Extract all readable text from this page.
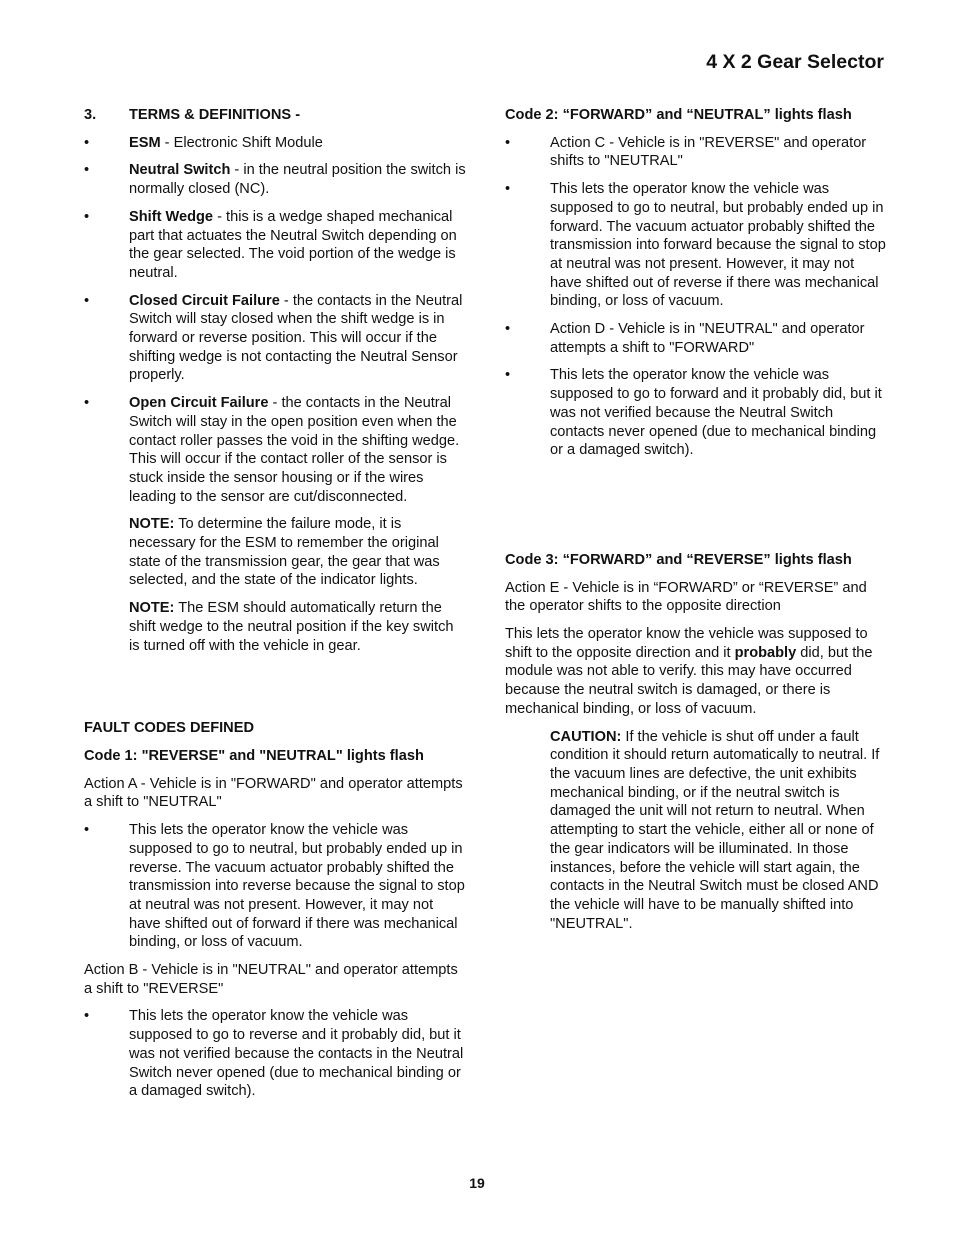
4 X 2 Gear Selector
3.	TERMS & DEFINITIONS -
•	ESM - Electronic Shift Module
•	Neutral Switch - in the neutral position the switch is normally closed (NC).
•	Shift Wedge - this is a wedge shaped mechanical part that actuates the Neutral Switch depending on the gear selected. The void portion of the wedge is neutral.
•	Closed Circuit Failure - the contacts in the Neutral Switch will stay closed when the shift wedge is in forward or reverse position. This will occur if the shifting wedge is not contacting the Neutral Sensor properly.
•	Open Circuit Failure - the contacts in the Neutral Switch will stay in the open position even when the contact roller passes the void in the shifting wedge. This will occur if the contact roller of the sensor is stuck inside the sensor housing or if the wires leading to the sensor are cut/disconnected.

NOTE: To determine the failure mode, it is necessary for the ESM to remember the original state of the transmission gear, the gear that was selected, and the state of the indicator lights.

NOTE: The ESM should automatically return the shift wedge to the neutral position if the key switch is turned off with the vehicle in gear.

FAULT CODES DEFINED

Code 1: "REVERSE" and "NEUTRAL" lights flash

Action A - Vehicle is in "FORWARD" and operator attempts a shift to "NEUTRAL"

•	This lets the operator know the vehicle was supposed to go to neutral, but probably ended up in reverse. The vacuum actuator probably shifted the transmission into reverse because the signal to stop at neutral was not present. However, it may not have shifted out of forward if there was mechanical binding, or loss of vacuum.

Action B - Vehicle is in "NEUTRAL" and operator attempts a shift to "REVERSE"

•	This lets the operator know the vehicle was supposed to go to reverse and it probably did, but it was not verified because the contacts in the Neutral Switch never opened (due to mechanical binding or a damaged switch).

Code 2: “FORWARD” and “NEUTRAL” lights flash

•	Action C - Vehicle is in "REVERSE" and operator shifts to "NEUTRAL"
•	This lets the operator know the vehicle was supposed to go to neutral, but probably ended up in forward. The vacuum actuator probably shifted the transmission into forward because the signal to stop at neutral was not present. However, it may not have shifted out of reverse if there was mechanical binding, or loss of vacuum.
•	Action D - Vehicle is in "NEUTRAL" and operator attempts a shift to "FORWARD"
•	This lets the operator know the vehicle was supposed to go to forward and it probably did, but it was not verified because the Neutral Switch contacts never opened (due to mechanical binding or a damaged switch).

Code 3: “FORWARD” and “REVERSE” lights flash

Action E - Vehicle is in “FORWARD” or “REVERSE” and the operator shifts to the opposite direction

This lets the operator know the vehicle was supposed to shift to the opposite direction and it probably did, but the module was not able to verify. this may have occurred because the neutral switch is damaged, or there is mechanical binding, or loss of vacuum.

CAUTION: If the vehicle is shut off under a fault condition it should return automatically to neutral. If the vacuum lines are defective, the unit exhibits mechanical binding, or if the neutral switch is damaged the unit will not return to neutral. When attempting to start the vehicle, either all or none of the gear indicators will be illuminated. In those instances, before the vehicle will start again, the contacts in the Neutral Switch must be closed AND the vehicle will have to be manually shifted into "NEUTRAL".

19
